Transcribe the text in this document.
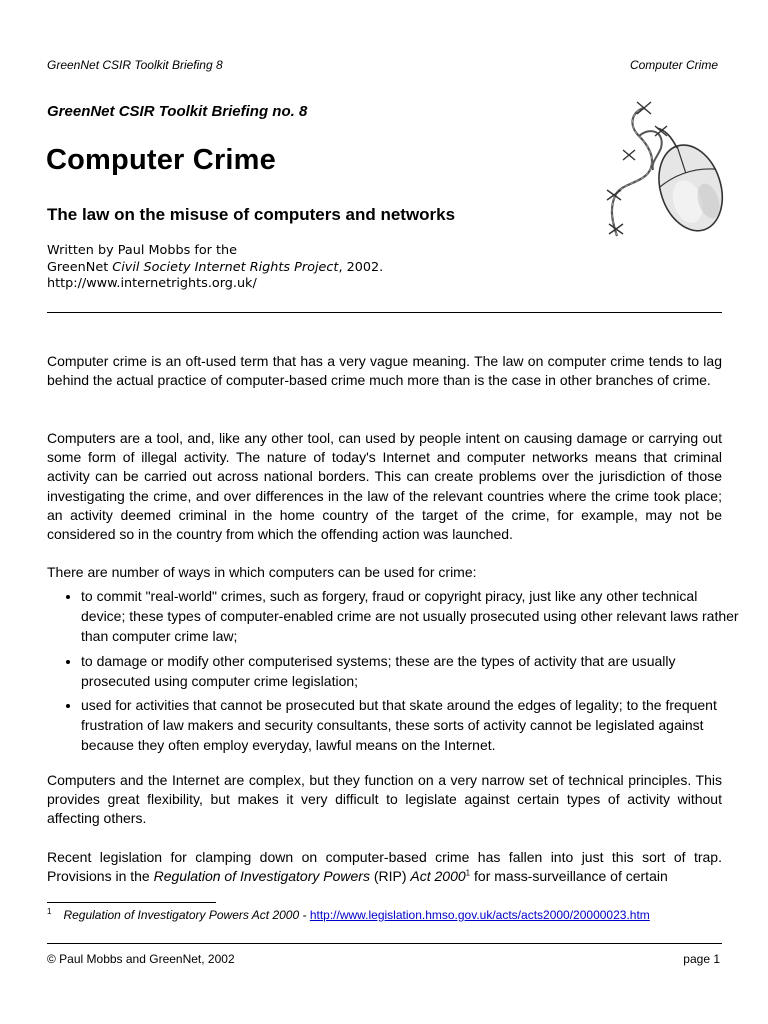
GreenNet CSIR Toolkit Briefing 8	Computer Crime
GreenNet CSIR Toolkit Briefing no. 8
Computer Crime
The law on the misuse of computers and networks
Written by Paul Mobbs for the
GreenNet Civil Society Internet Rights Project, 2002.
http://www.internetrights.org.uk/
Computer crime is an oft-used term that has a very vague meaning. The law on computer crime tends to lag behind the actual practice of computer-based crime much more than is the case in other branches of crime.
Computers are a tool, and, like any other tool, can used by people intent on causing damage or carrying out some form of illegal activity. The nature of today's Internet and computer networks means that criminal activity can be carried out across national borders. This can create problems over the jurisdiction of those investigating the crime, and over differences in the law of the relevant countries where the crime took place; an activity deemed criminal in the home country of the target of the crime, for example, may not be considered so in the country from which the offending action was launched.
There are number of ways in which computers can be used for crime:
• to commit "real-world" crimes, such as forgery, fraud or copyright piracy, just like any other technical device; these types of computer-enabled crime are not usually prosecuted using other relevant laws rather than computer crime law;
• to damage or modify other computerised systems; these are the types of activity that are usually prosecuted using computer crime legislation;
• used for activities that cannot be prosecuted but that skate around the edges of legality; to the frequent frustration of law makers and security consultants, these sorts of activity cannot be legislated against because they often employ everyday, lawful means on the Internet.
Computers and the Internet are complex, but they function on a very narrow set of technical principles. This provides great flexibility, but makes it very difficult to legislate against certain types of activity without affecting others.
Recent legislation for clamping down on computer-based crime has fallen into just this sort of trap. Provisions in the Regulation of Investigatory Powers (RIP) Act 2000$^1$ for mass-surveillance of certain
$^1$ Regulation of Investigatory Powers Act 2000 - http://www.legislation.hmso.gov.uk/acts/acts2000/20000023.htm
© Paul Mobbs and GreenNet, 2002	page 1
